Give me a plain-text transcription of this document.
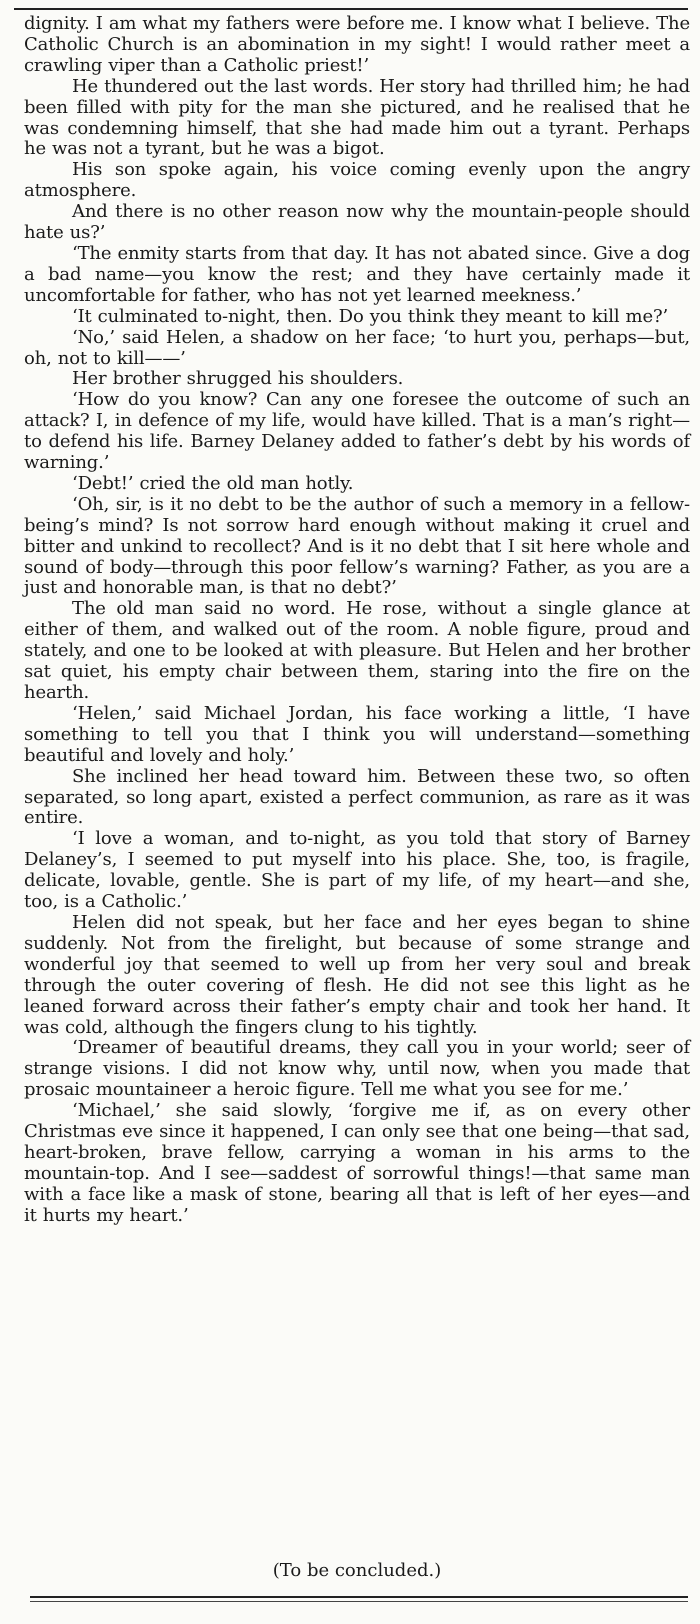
dignity. I am what my fathers were before me. I know what I believe. The Catholic Church is an abomination in my sight! I would rather meet a crawling viper than a Catholic priest!’

He thundered out the last words. Her story had thrilled him; he had been filled with pity for the man she pictured, and he realised that he was condemning himself, that she had made him out a tyrant. Perhaps he was not a tyrant, but he was a bigot.

His son spoke again, his voice coming evenly upon the angry atmosphere.

And there is no other reason now why the mountain-people should hate us?’

‘The enmity starts from that day. It has not abated since. Give a dog a bad name—you know the rest; and they have certainly made it uncomfortable for father, who has not yet learned meekness.’

‘It culminated to-night, then. Do you think they meant to kill me?’

‘No,’ said Helen, a shadow on her face; ‘to hurt you, perhaps—but, oh, not to kill——’

Her brother shrugged his shoulders.

‘How do you know? Can any one foresee the outcome of such an attack? I, in defence of my life, would have killed. That is a man’s right—to defend his life. Barney Delaney added to father’s debt by his words of warning.’

‘Debt!’ cried the old man hotly.

‘Oh, sir, is it no debt to be the author of such a memory in a fellow-being’s mind? Is not sorrow hard enough without making it cruel and bitter and unkind to recollect? And is it no debt that I sit here whole and sound of body—through this poor fellow’s warning? Father, as you are a just and honorable man, is that no debt?’

The old man said no word. He rose, without a single glance at either of them, and walked out of the room. A noble figure, proud and stately, and one to be looked at with pleasure. But Helen and her brother sat quiet, his empty chair between them, staring into the fire on the hearth.

‘Helen,’ said Michael Jordan, his face working a little, ‘I have something to tell you that I think you will understand—something beautiful and lovely and holy.’

She inclined her head toward him. Between these two, so often separated, so long apart, existed a perfect communion, as rare as it was entire.

‘I love a woman, and to-night, as you told that story of Barney Delaney’s, I seemed to put myself into his place. She, too, is fragile, delicate, lovable, gentle. She is part of my life, of my heart—and she, too, is a Catholic.’

Helen did not speak, but her face and her eyes began to shine suddenly. Not from the firelight, but because of some strange and wonderful joy that seemed to well up from her very soul and break through the outer covering of flesh. He did not see this light as he leaned forward across their father’s empty chair and took her hand. It was cold, although the fingers clung to his tightly.

‘Dreamer of beautiful dreams, they call you in your world; seer of strange visions. I did not know why, until now, when you made that prosaic mountaineer a heroic figure. Tell me what you see for me.’

‘Michael,’ she said slowly, ‘forgive me if, as on every other Christmas eve since it happened, I can only see that one being—that sad, heart-broken, brave fellow, carrying a woman in his arms to the mountain-top. And I see—saddest of sorrowful things!—that same man with a face like a mask of stone, bearing all that is left of her eyes—and it hurts my heart.’

(To be concluded.)
